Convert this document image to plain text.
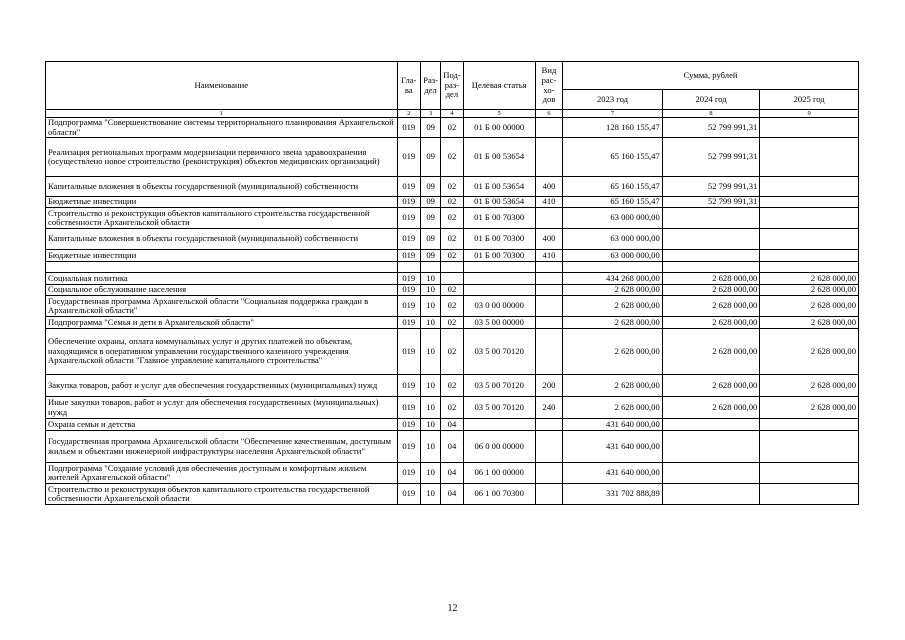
Наименование	Гла-ва	Раз-дел	Под-раз-дел	Целевая статья	Вид рас-хо-дов	Сумма, рублей		
						2023 год	2024 год	2025 год
1	2	3	4	5	6	7	8	9
Подпрограмма "Совершенствование системы территориального планирования Архангельской области"	019	09	02	01 Б 00 00000		128 160 155,47	52 799 991,31	
Реализация региональных программ модернизации первичного звена здравоохранения (осуществлено новое строительство (реконструкция) объектов медицинских организаций)	019	09	02	01 Б 00 53654		65 160 155,47	52 799 991,31	
Капитальные вложения в объекты государственной (муниципальной) собственности	019	09	02	01 Б 00 53654	400	65 160 155,47	52 799 991,31	
Бюджетные инвестиции	019	09	02	01 Б 00 53654	410	65 160 155,47	52 799 991,31	
Строительство и реконструкция объектов капитального строительства государственной собственности Архангельской области	019	09	02	01 Б 00 70300		63 000 000,00		
Капитальные вложения в объекты государственной (муниципальной) собственности	019	09	02	01 Б 00 70300	400	63 000 000,00		
Бюджетные инвестиции	019	09	02	01 Б 00 70300	410	63 000 000,00		

Социальная политика	019	10				434 268 000,00	2 628 000,00	2 628 000,00
Социальное обслуживание населения	019	10	02			2 628 000,00	2 628 000,00	2 628 000,00
Государственная программа Архангельской области "Социальная поддержка граждан в Архангельской области"	019	10	02	03 0 00 00000		2 628 000,00	2 628 000,00	2 628 000,00
Подпрограмма "Семья и дети в Архангельской области"	019	10	02	03 5 00 00000		2 628 000,00	2 628 000,00	2 628 000,00
Обеспечение охраны, оплата коммунальных услуг и других платежей по объектам, находящимся в оперативном управлении государственного казенного учреждения Архангельской области "Главное управление капитального строительства"	019	10	02	03 5 00 70120		2 628 000,00	2 628 000,00	2 628 000,00
Закупка товаров, работ и услуг для обеспечения государственных (муниципальных) нужд	019	10	02	03 5 00 70120	200	2 628 000,00	2 628 000,00	2 628 000,00
Иные закупки товаров, работ и услуг для обеспечения государственных (муниципальных) нужд	019	10	02	03 5 00 70120	240	2 628 000,00	2 628 000,00	2 628 000,00
Охрана семьи и детства	019	10	04			431 640 000,00		
Государственная программа Архангельской области "Обеспечение качественным, доступным жильем и объектами инженерной инфраструктуры населения Архангельской области"	019	10	04	06 0 00 00000		431 640 000,00		
Подпрограмма "Создание условий для обеспечения доступным и комфортным жильем жителей Архангельской области"	019	10	04	06 1 00 00000		431 640 000,00		
Строительство и реконструкция объектов капитального строительства государственной собственности Архангельской области	019	10	04	06 1 00 70300		331 702 888,89		
12
